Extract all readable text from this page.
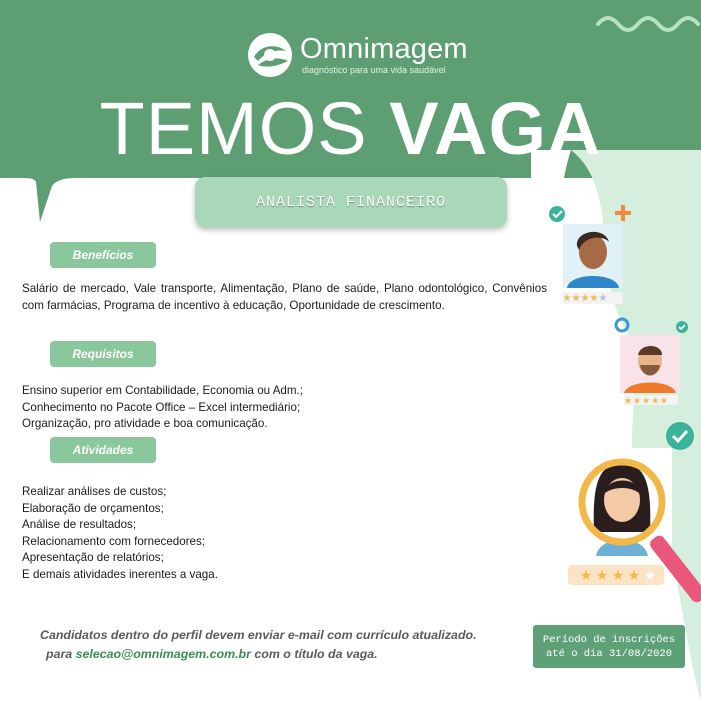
Omnimagem
diagnóstico para uma vida saudável
TEMOS VAGA
ANALISTA FINANCEIRO
Benefícios

Salário de mercado, Vale transporte, Alimentação, Plano de saúde, Plano odontológico, Convênios com farmácias, Programa de incentivo à educação, Oportunidade de crescimento.

Requisitos
Ensino superior em Contabilidade, Economia ou Adm.;
Conhecimento no Pacote Office – Excel intermediário;
Organização, pro atividade e boa comunicação.
Atividades
Realizar análises de custos;
Elaboração de orçamentos;
Análise de resultados;
Relacionamento com fornecedores;
Apresentação de relatórios;
E demais atividades inerentes a vaga.
Candidatos dentro do perfil devem enviar e-mail com currículo atualizado.
para selecao@omnimagem.com.br com o título da vaga.
Período de inscrições
até o dia 31/08/2020
★ ★ ★ ★ ★
★ ★ ★ ★ ★
★ ★ ★ ★ ★
